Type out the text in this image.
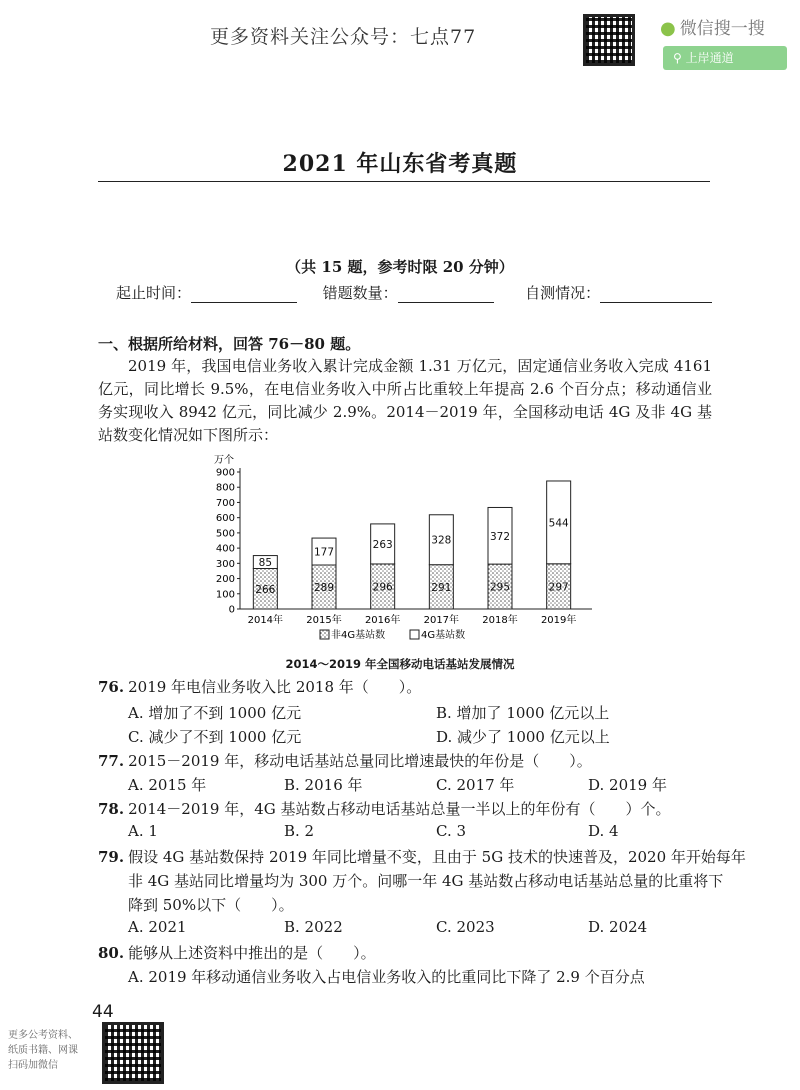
更多资料关注公众号：七点77	● 微信搜一搜
⚲ 上岸通道
2021 年山东省考真题
（共 15 题，参考时限 20 分钟）
起止时间：	错题数量：	自测情况：
一、根据所给材料，回答 76－80 题。
2019 年，我国电信业务收入累计完成金额 1.31 万亿元，固定通信业务收入完成 4161 亿元，同比增长 9.5%，在电信业务收入中所占比重较上年提高 2.6 个百分点；移动通信业务实现收入 8942 亿元，同比减少 2.9%。2014－2019 年，全国移动电话 4G 及非 4G 基站数变化情况如下图所示：
万个
0
100
200
300
400
500
600
700
800
900
266
85
2014年
289
177
2015年
296
263
2016年
291
328
2017年
295
372
2018年
297
544
2019年
非4G基站数	4G基站数
2014～2019 年全国移动电话基站发展情况
76. 2019 年电信业务收入比 2018 年（　　）。
A. 增加了不到 1000 亿元	B. 增加了 1000 亿元以上
C. 减少了不到 1000 亿元	D. 减少了 1000 亿元以上
77. 2015－2019 年，移动电话基站总量同比增速最快的年份是（　　）。
A. 2015 年	B. 2016 年	C. 2017 年	D. 2019 年
78. 2014－2019 年，4G 基站数占移动电话基站总量一半以上的年份有（　　）个。
A. 1	B. 2	C. 3	D. 4
79. 假设 4G 基站数保持 2019 年同比增量不变，且由于 5G 技术的快速普及，2020 年开始每年
非 4G 基站同比增量均为 300 万个。问哪一年 4G 基站数占移动电话基站总量的比重将下
降到 50%以下（　　）。
A. 2021	B. 2022	C. 2023	D. 2024
80. 能够从上述资料中推出的是（　　）。
A. 2019 年移动通信业务收入占电信业务收入的比重同比下降了 2.9 个百分点
44
更多公考资料、
纸质书籍、网课
扫码加微信
